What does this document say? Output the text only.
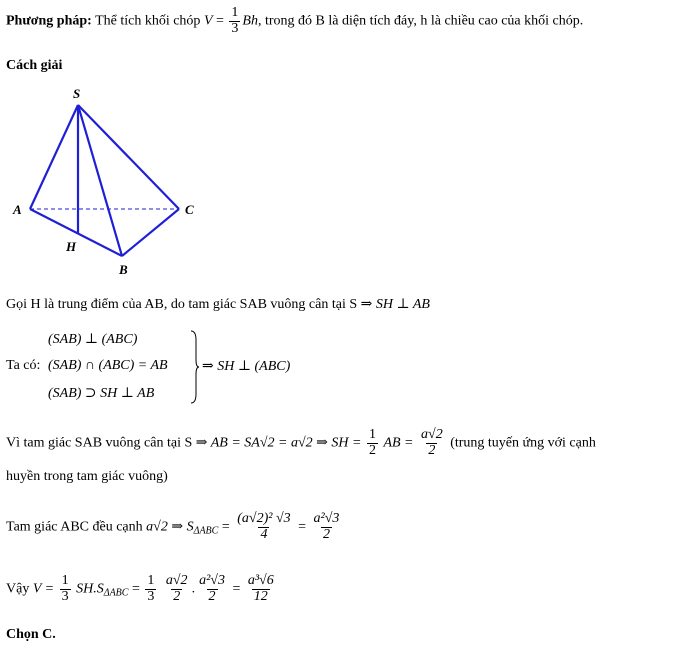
Phương pháp: Thể tích khối chóp $V = \frac{1}{3} Bh$, trong đó B là diện tích đáy, h là chiều cao của khối chóp.
Cách giải
S
A	C
H
B
Gọi H là trung điểm của AB, do tam giác SAB vuông cân tại S ⇒ SH ⊥ AB
Ta có:
(SAB) ⊥ (ABC)
(SAB) ∩ (ABC) = AB
(SAB) ⊃ SH ⊥ AB
⇒ SH ⊥ (ABC)
Vì tam giác SAB vuông cân tại S ⇒ AB = SA√2 = a√2 ⇒ SH = $\frac{1}{2}$ AB = $\frac{a√2}{2}$ (trung tuyến ứng với cạnh
huyền trong tam giác vuông)
Tam giác ABC đều cạnh a√2 ⇒ $S_{\Delta ABC} = \frac{\text{(a√2)² √3}}{4} = \frac{\text{a²√3}}{2}$
Vậy $V = \frac{1}{3} SH.S_{\Delta ABC} = \frac{1}{3}$
$\frac{a√2}{2}$ . $\frac{\text{a²√3}}{2} = \frac{\text{a³√6}}{12}$
Chọn C.
